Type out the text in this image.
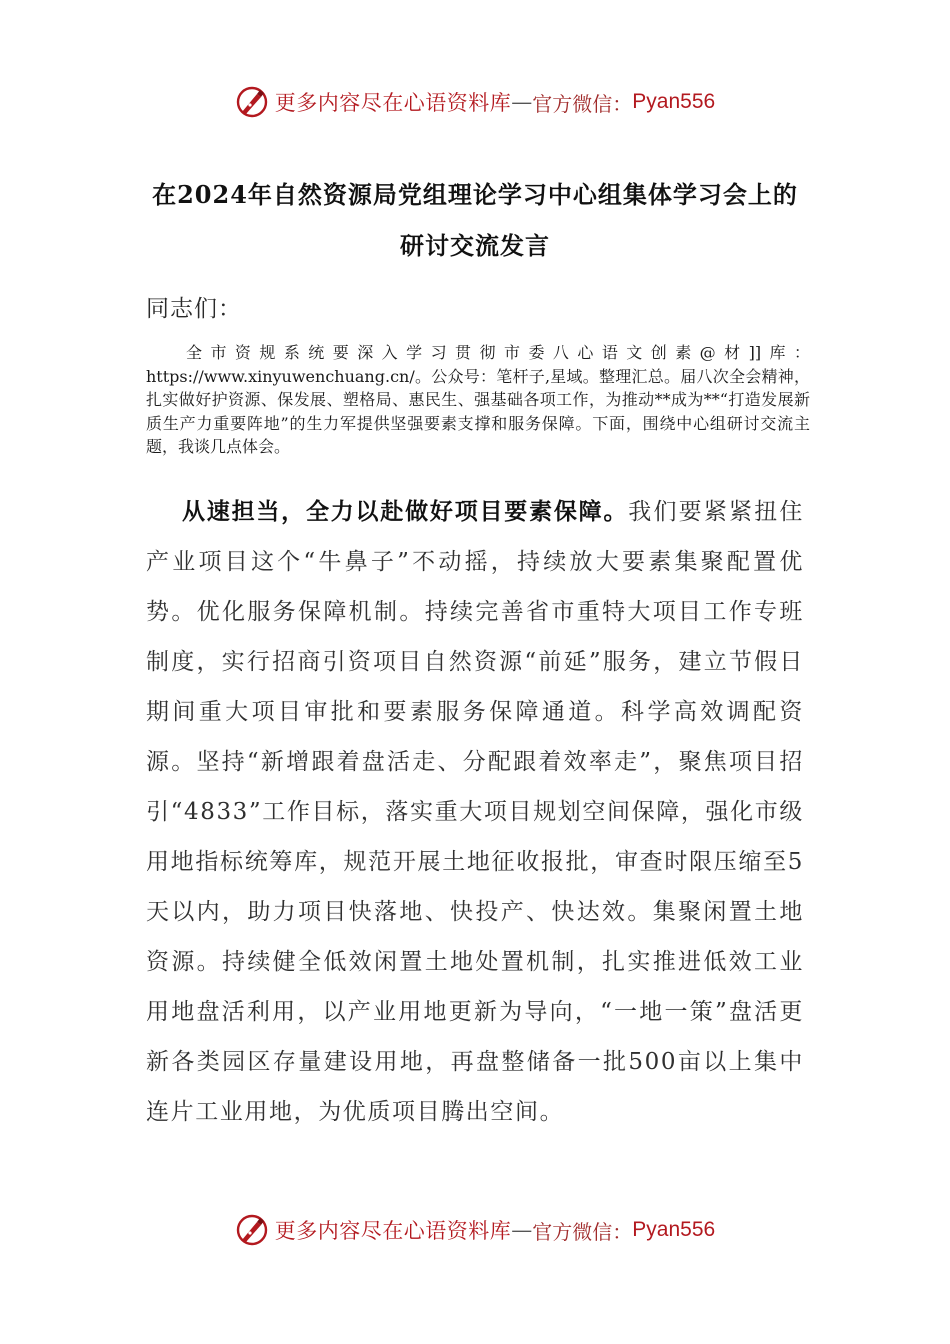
更多内容尽在心语资料库 — 官方微信： Pyan556
在2024年自然资源局党组理论学习中心组集体学习会上的
研讨交流发言

同志们：

全市资规系统要深入学习贯彻市委八心语文创素@材]]库：https://www.xinyuwenchuang.cn/。公众号：笔杆子,星域。整理汇总。届八次全会精神，扎实做好护资源、保发展、塑格局、惠民生、强基础各项工作，为推动**成为**“打造发展新质生产力重要阵地”的生力军提供坚强要素支撑和服务保障。下面，围绕中心组研讨交流主题，我谈几点体会。

从速担当，全力以赴做好项目要素保障。我们要紧紧扭住产业项目这个“牛鼻子”不动摇，持续放大要素集聚配置优势。优化服务保障机制。持续完善省市重特大项目工作专班制度，实行招商引资项目自然资源“前延”服务，建立节假日期间重大项目审批和要素服务保障通道。科学高效调配资源。坚持“新增跟着盘活走、分配跟着效率走”，聚焦项目招引“4833”工作目标，落实重大项目规划空间保障，强化市级用地指标统筹库，规范开展土地征收报批，审查时限压缩至5天以内，助力项目快落地、快投产、快达效。集聚闲置土地资源。持续健全低效闲置土地处置机制，扎实推进低效工业用地盘活利用，以产业用地更新为导向，“一地一策”盘活更新各类园区存量建设用地，再盘整储备一批500亩以上集中连片工业用地，为优质项目腾出空间。

更多内容尽在心语资料库 — 官方微信： Pyan556
